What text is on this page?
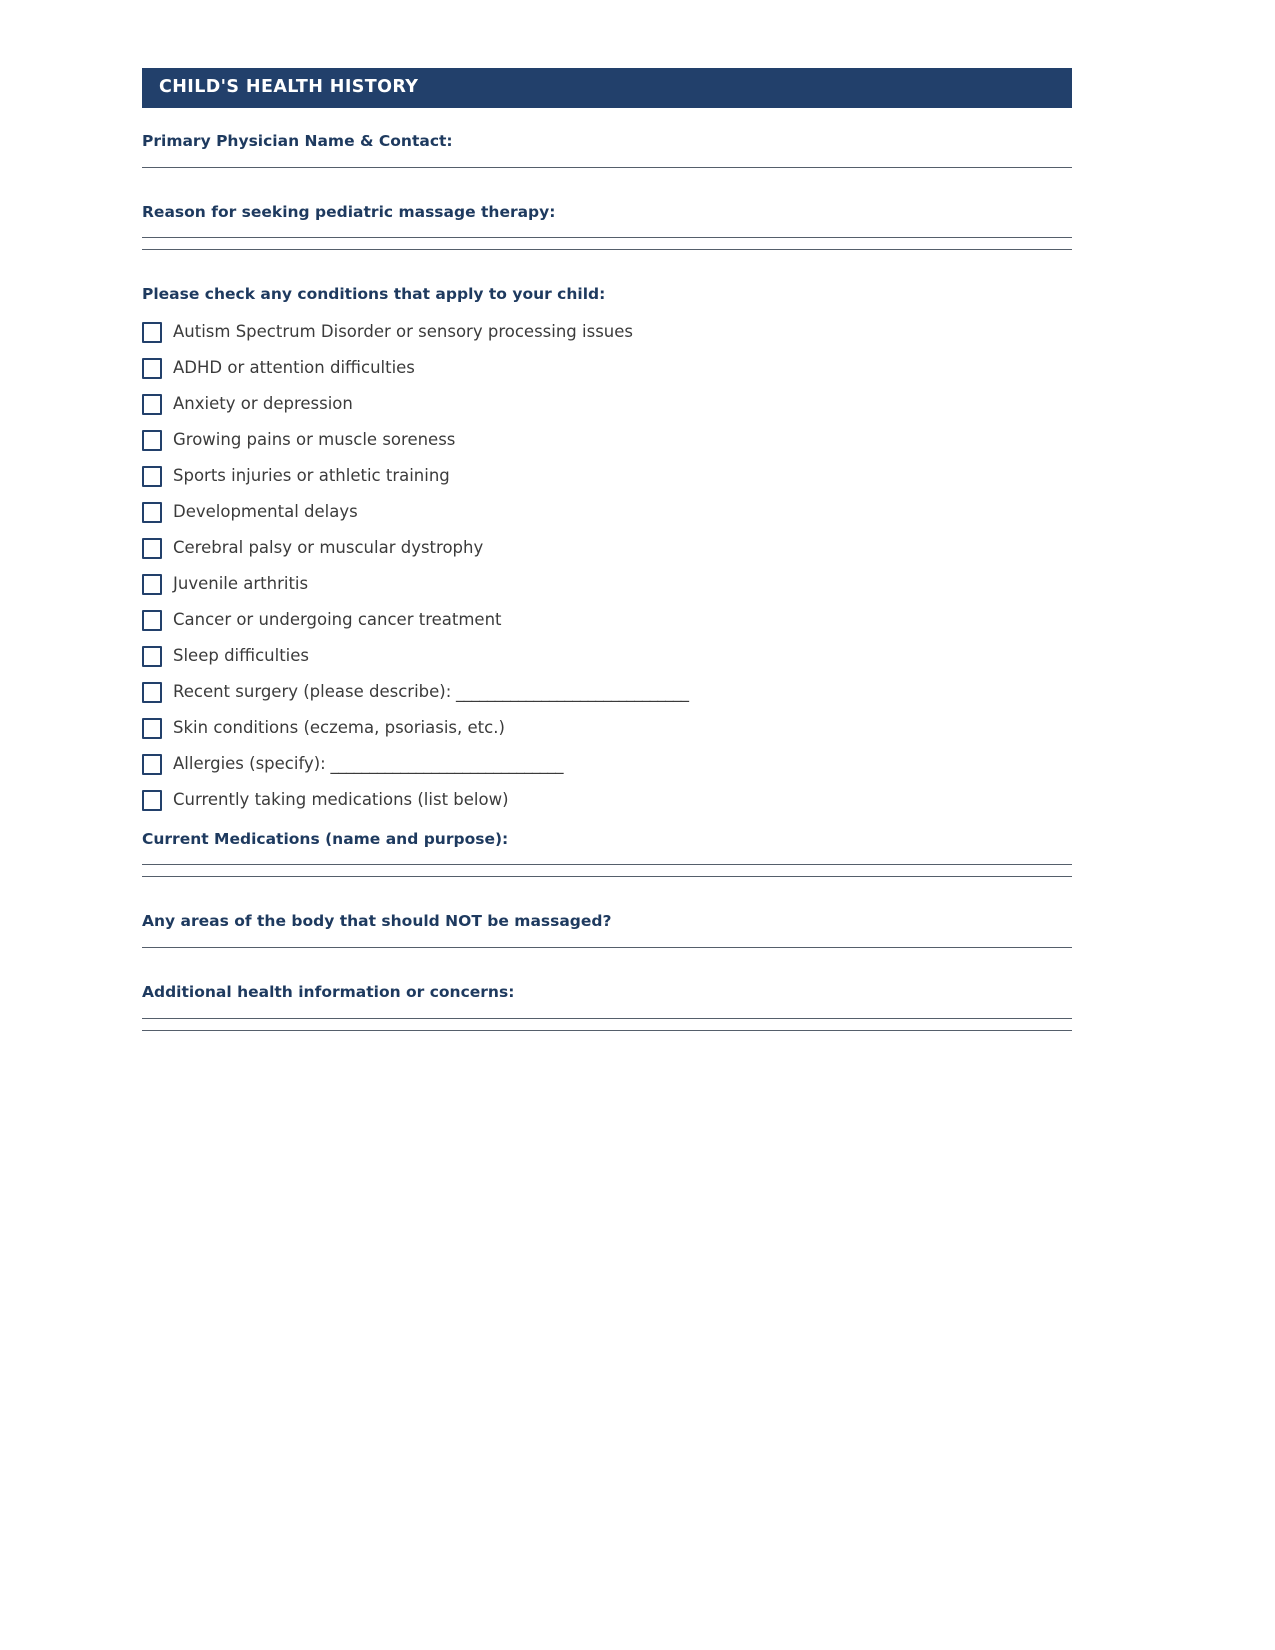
CHILD'S HEALTH HISTORY
Primary Physician Name & Contact:
Reason for seeking pediatric massage therapy:
Please check any conditions that apply to your child:
Autism Spectrum Disorder or sensory processing issues
ADHD or attention difficulties
Anxiety or depression
Growing pains or muscle soreness
Sports injuries or athletic training
Developmental delays
Cerebral palsy or muscular dystrophy
Juvenile arthritis
Cancer or undergoing cancer treatment
Sleep difficulties
Recent surgery (please describe): ______________________________
Skin conditions (eczema, psoriasis, etc.)
Allergies (specify): ______________________________
Currently taking medications (list below)
Current Medications (name and purpose):
Any areas of the body that should NOT be massaged?
Additional health information or concerns:
